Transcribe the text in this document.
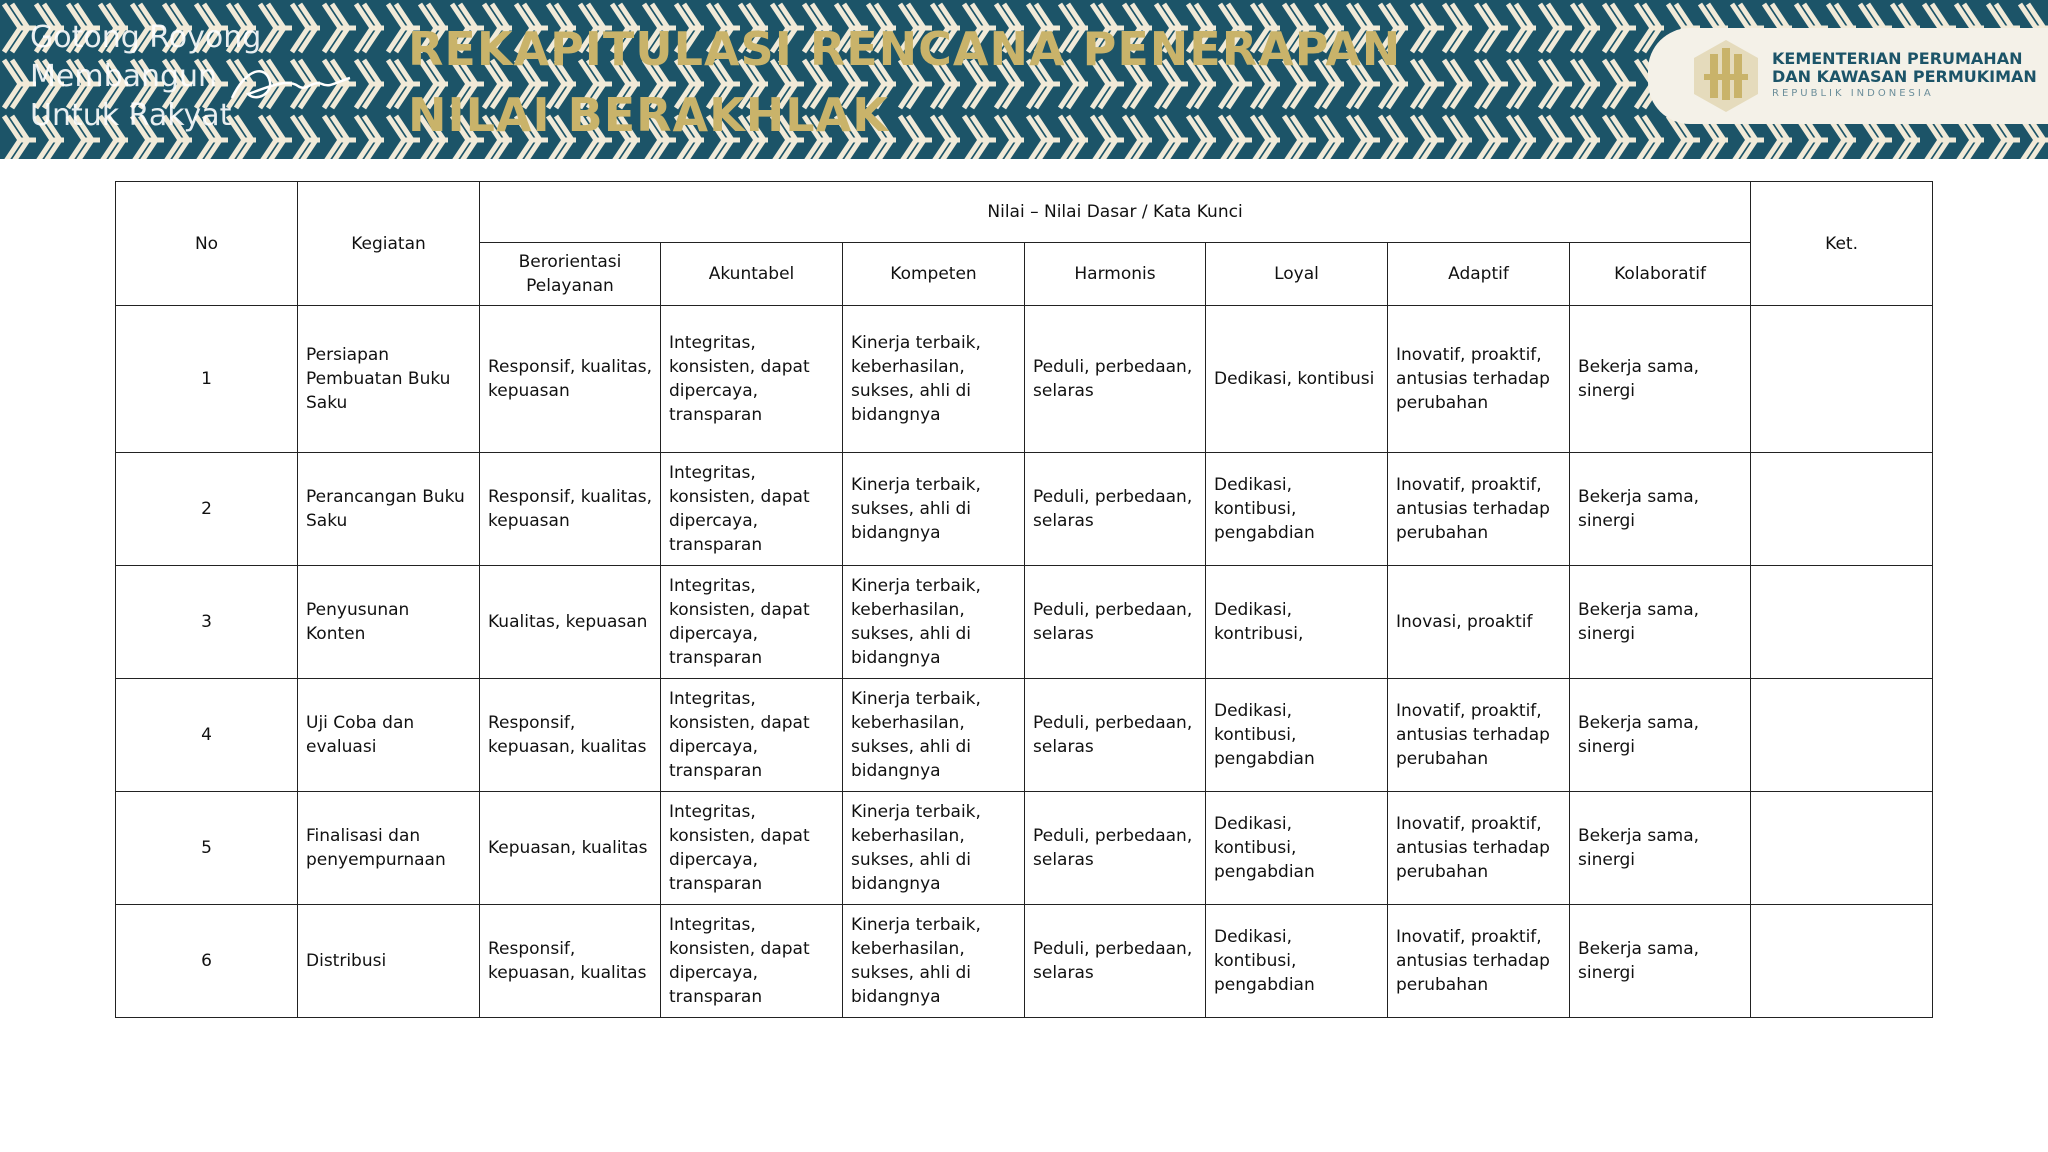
Gotong Royong
Membangun
Untuk Rakyat
REKAPITULASI RENCANA PENERAPAN NILAI BERAKHLAK
KEMENTERIAN PERUMAHAN
DAN KAWASAN PERMUKIMAN
REPUBLIK INDONESIA
No	Kegiatan	Nilai – Nilai Dasar / Kata Kunci							Ket.
		Berorientasi Pelayanan	Akuntabel	Kompeten	Harmonis	Loyal	Adaptif	Kolaboratif	
1	Persiapan Pembuatan Buku Saku	Responsif, kualitas, kepuasan	Integritas, konsisten, dapat dipercaya, transparan	Kinerja terbaik, keberhasilan, sukses, ahli di bidangnya	Peduli, perbedaan, selaras	Dedikasi, kontibusi	Inovatif, proaktif, antusias terhadap perubahan	Bekerja sama, sinergi	
2	Perancangan Buku Saku	Responsif, kualitas, kepuasan	Integritas, konsisten, dapat dipercaya, transparan	Kinerja terbaik, sukses, ahli di bidangnya	Peduli, perbedaan, selaras	Dedikasi, kontibusi, pengabdian	Inovatif, proaktif, antusias terhadap perubahan	Bekerja sama, sinergi	
3	Penyusunan Konten	Kualitas, kepuasan	Integritas, konsisten, dapat dipercaya, transparan	Kinerja terbaik, keberhasilan, sukses, ahli di bidangnya	Peduli, perbedaan, selaras	Dedikasi, kontribusi,	Inovasi, proaktif	Bekerja sama, sinergi	
4	Uji Coba dan evaluasi	Responsif, kepuasan, kualitas	Integritas, konsisten, dapat dipercaya, transparan	Kinerja terbaik, keberhasilan, sukses, ahli di bidangnya	Peduli, perbedaan, selaras	Dedikasi, kontibusi, pengabdian	Inovatif, proaktif, antusias terhadap perubahan	Bekerja sama, sinergi	
5	Finalisasi dan penyempurnaan	Kepuasan, kualitas	Integritas, konsisten, dapat dipercaya, transparan	Kinerja terbaik, keberhasilan, sukses, ahli di bidangnya	Peduli, perbedaan, selaras	Dedikasi, kontibusi, pengabdian	Inovatif, proaktif, antusias terhadap perubahan	Bekerja sama, sinergi	
6	Distribusi	Responsif, kepuasan, kualitas	Integritas, konsisten, dapat dipercaya, transparan	Kinerja terbaik, keberhasilan, sukses, ahli di bidangnya	Peduli, perbedaan, selaras	Dedikasi, kontibusi, pengabdian	Inovatif, proaktif, antusias terhadap perubahan	Bekerja sama, sinergi	
